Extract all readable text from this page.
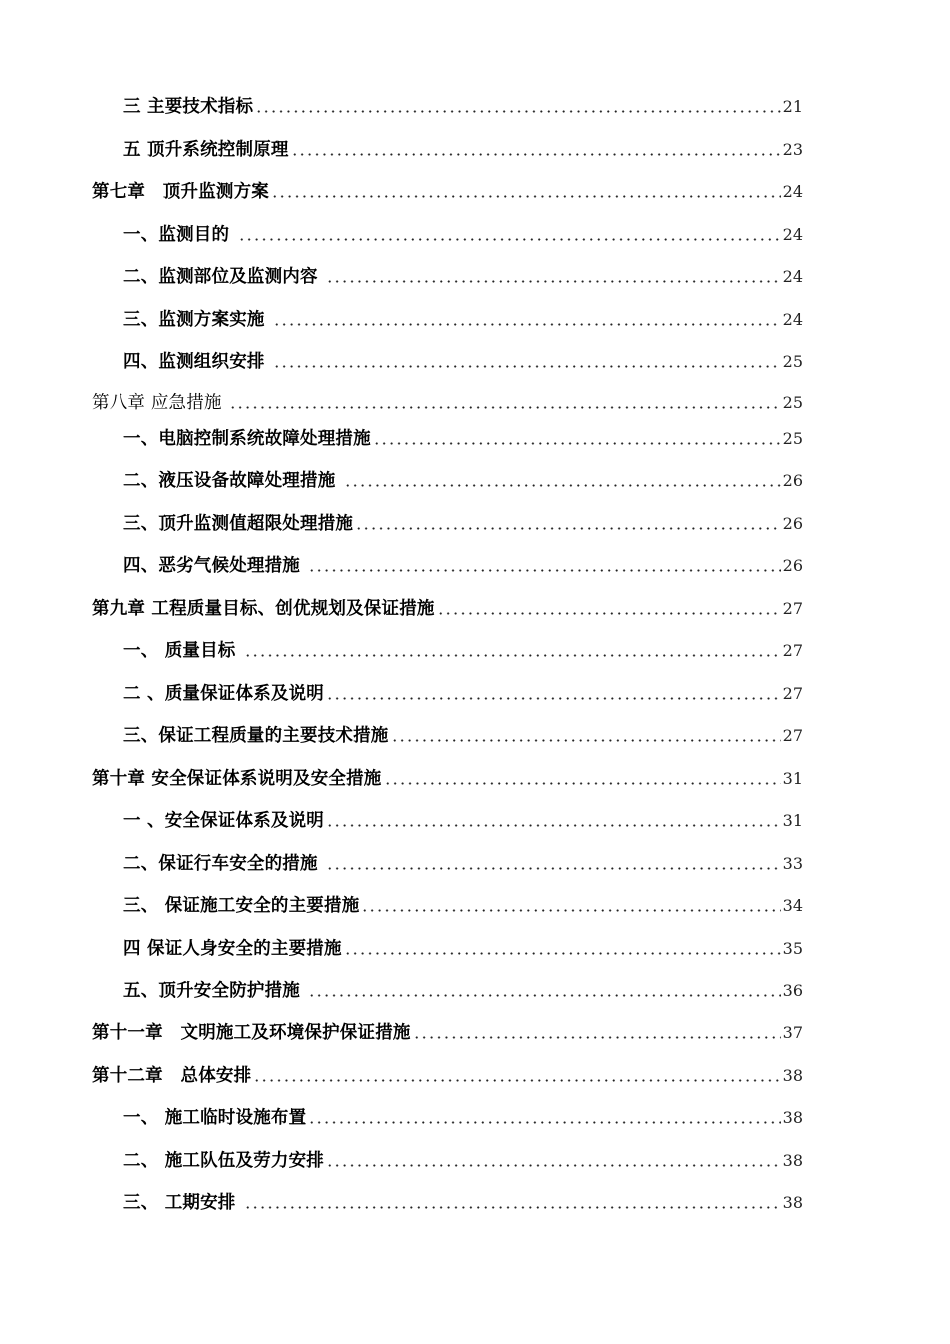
三 主要技术指标	21
五 顶升系统控制原理	23
第七章　顶升监测方案	24
一、监测目的	24
二、监测部位及监测内容	24
三、监测方案实施	24
四、监测组织安排	25
第八章 应急措施	25
一、电脑控制系统故障处理措施	25
二、液压设备故障处理措施	26
三、顶升监测值超限处理措施	26
四、恶劣气候处理措施	26
第九章 工程质量目标、创优规划及保证措施	27
一、 质量目标	27
二 、质量保证体系及说明	27
三、保证工程质量的主要技术措施	27
第十章 安全保证体系说明及安全措施	31
一 、安全保证体系及说明	31
二、保证行车安全的措施	33
三、 保证施工安全的主要措施	34
四 保证人身安全的主要措施	35
五、顶升安全防护措施	36
第十一章　文明施工及环境保护保证措施	37
第十二章　总体安排	38
一、 施工临时设施布置	38
二、 施工队伍及劳力安排	38
三、 工期安排	38
